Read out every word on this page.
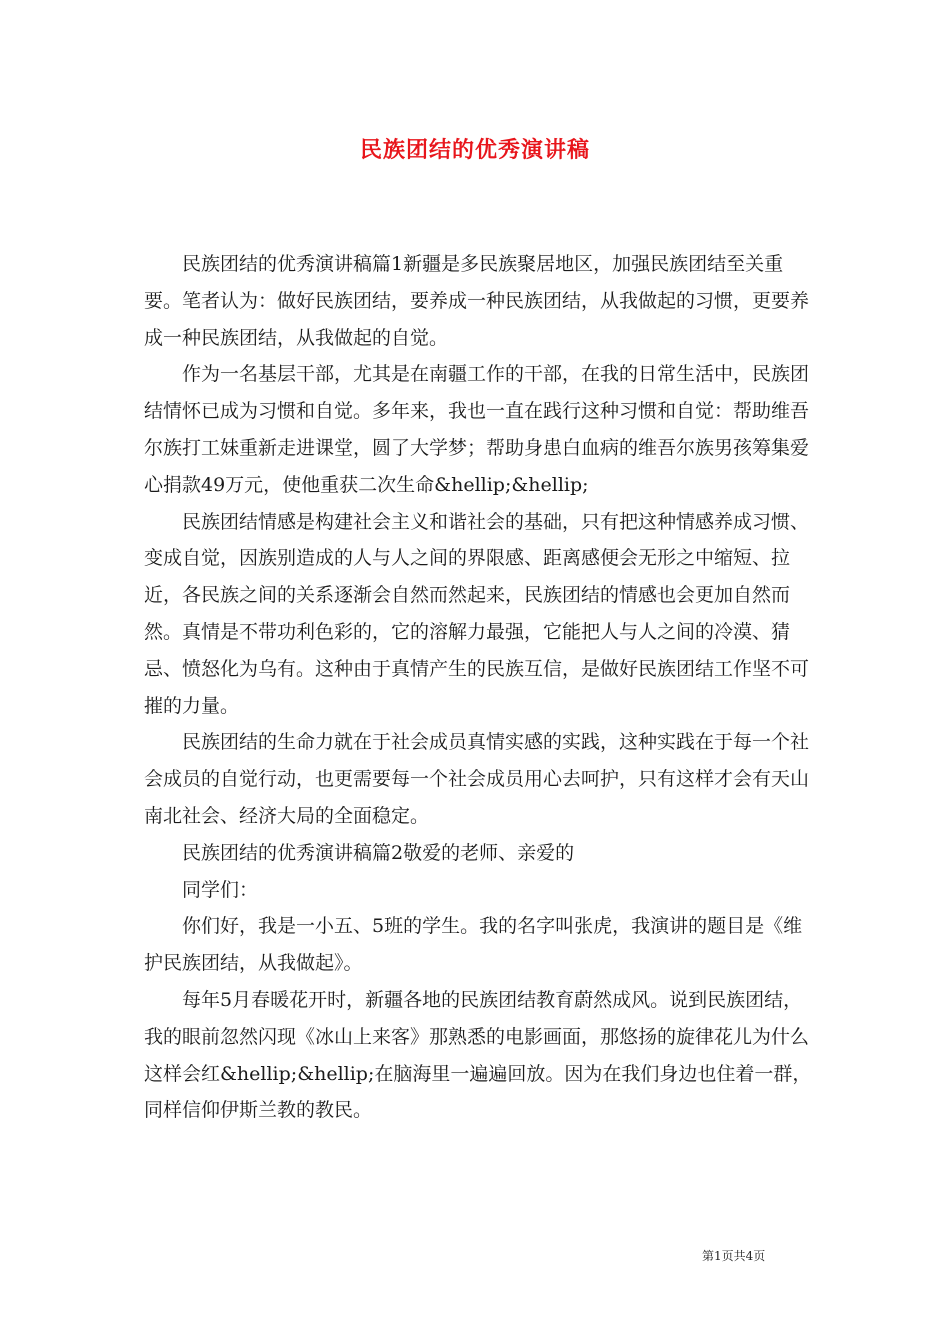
民族团结的优秀演讲稿

民族团结的优秀演讲稿篇1新疆是多民族聚居地区，加强民族团结至关重要。笔者认为：做好民族团结，要养成一种民族团结，从我做起的习惯，更要养成一种民族团结，从我做起的自觉。

作为一名基层干部，尤其是在南疆工作的干部，在我的日常生活中，民族团结情怀已成为习惯和自觉。多年来，我也一直在践行这种习惯和自觉：帮助维吾尔族打工妹重新走进课堂，圆了大学梦；帮助身患白血病的维吾尔族男孩筹集爱心捐款49万元，使他重获二次生命&hellip;&hellip;

民族团结情感是构建社会主义和谐社会的基础，只有把这种情感养成习惯、变成自觉，因族别造成的人与人之间的界限感、距离感便会无形之中缩短、拉近，各民族之间的关系逐渐会自然而然起来，民族团结的情感也会更加自然而然。真情是不带功利色彩的，它的溶解力最强，它能把人与人之间的冷漠、猜忌、愤怒化为乌有。这种由于真情产生的民族互信，是做好民族团结工作坚不可摧的力量。

民族团结的生命力就在于社会成员真情实感的实践，这种实践在于每一个社会成员的自觉行动，也更需要每一个社会成员用心去呵护，只有这样才会有天山南北社会、经济大局的全面稳定。

民族团结的优秀演讲稿篇2敬爱的老师、亲爱的

同学们：

你们好，我是一小五、5班的学生。我的名字叫张虎，我演讲的题目是《维护民族团结，从我做起》。

每年5月春暖花开时，新疆各地的民族团结教育蔚然成风。说到民族团结，我的眼前忽然闪现《冰山上来客》那熟悉的电影画面，那悠扬的旋律花儿为什么这样会红&hellip;&hellip;在脑海里一遍遍回放。因为在我们身边也住着一群，同样信仰伊斯兰教的教民。

第1页共4页
